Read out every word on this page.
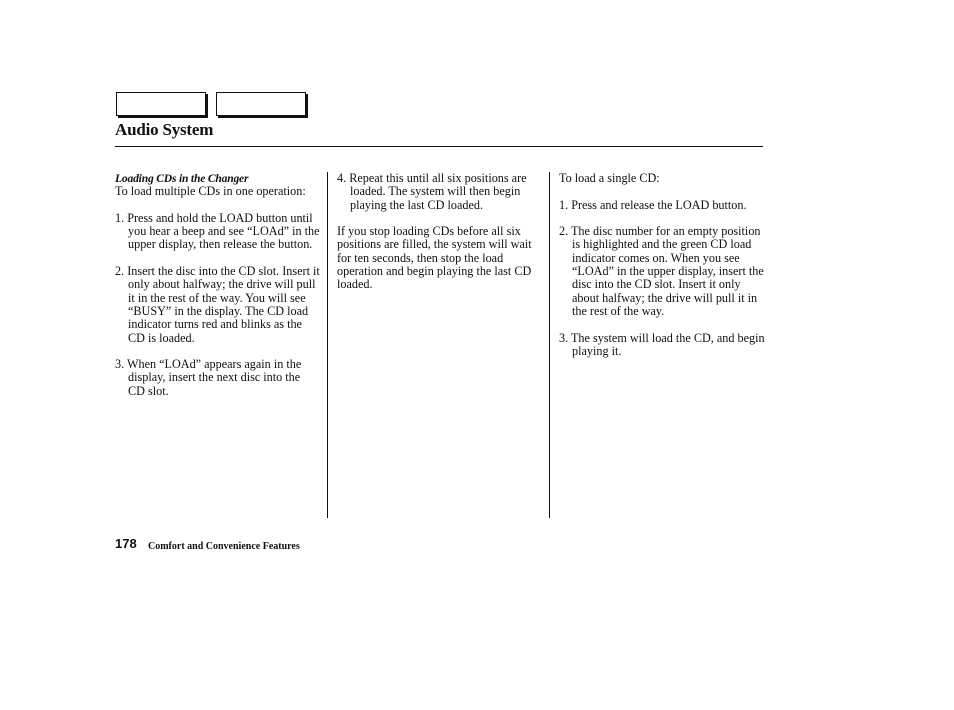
Audio System
Loading CDs in the Changer

To load multiple CDs in one operation:

1. Press and hold the LOAD button until you hear a beep and see “LOAd” in the upper display, then release the button.

2. Insert the disc into the CD slot. Insert it only about halfway; the drive will pull it in the rest of the way. You will see “BUSY” in the display. The CD load indicator turns red and blinks as the CD is loaded.

3. When “LOAd” appears again in the display, insert the next disc into the CD slot.

4. Repeat this until all six positions are loaded. The system will then begin playing the last CD loaded.

If you stop loading CDs before all six positions are filled, the system will wait for ten seconds, then stop the load operation and begin playing the last CD loaded.

To load a single CD:

1. Press and release the LOAD button.

2. The disc number for an empty position is highlighted and the green CD load indicator comes on. When you see “LOAd” in the upper display, insert the disc into the CD slot. Insert it only about halfway; the drive will pull it in the rest of the way.

3. The system will load the CD, and begin playing it.

178 Comfort and Convenience Features
